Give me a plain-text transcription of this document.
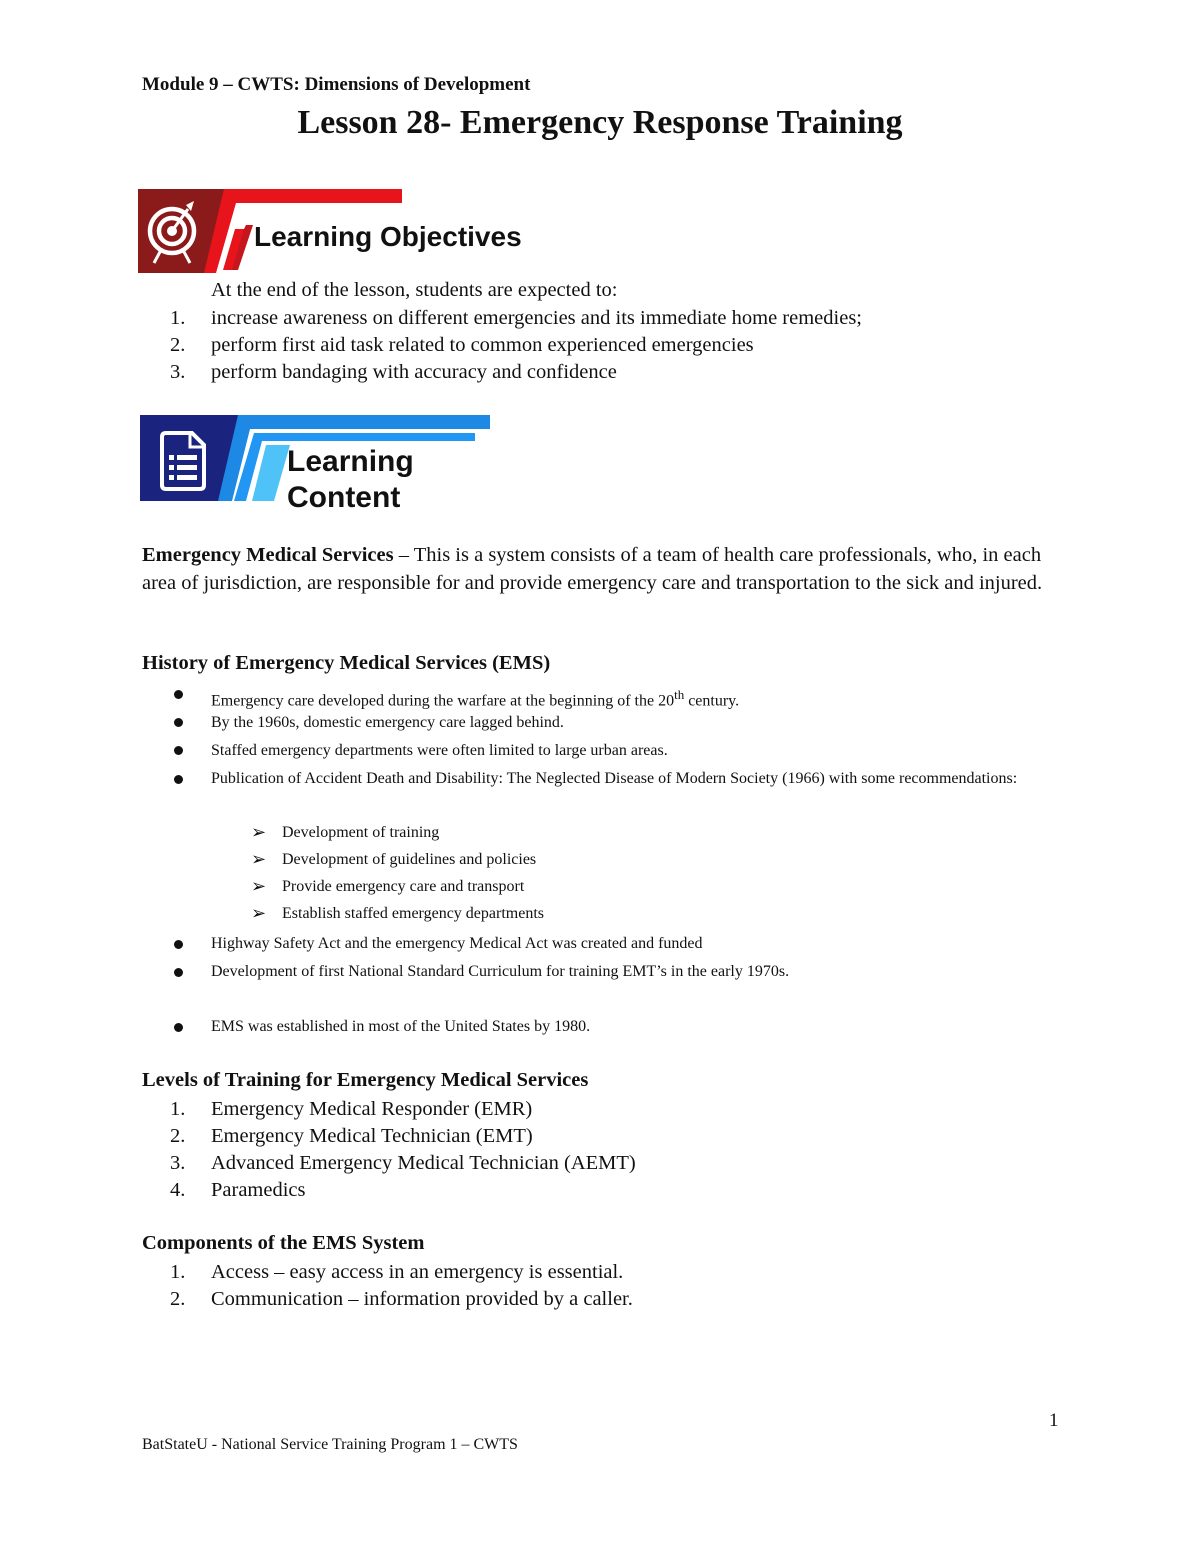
Module 9 – CWTS: Dimensions of Development
Lesson 28- Emergency Response Training
Learning Objectives
At the end of the lesson, students are expected to:
1. increase awareness on different emergencies and its immediate home remedies;
2. perform first aid task related to common experienced emergencies
3. perform bandaging with accuracy and confidence
Learning
Content
Emergency Medical Services – This is a system consists of a team of health care professionals, who, in each area of jurisdiction, are responsible for and provide emergency care and transportation to the sick and injured.
History of Emergency Medical Services (EMS)
Emergency care developed during the warfare at the beginning of the 20th century.
By the 1960s, domestic emergency care lagged behind.
Staffed emergency departments were often limited to large urban areas.
Publication of Accident Death and Disability: The Neglected Disease of Modern Society (1966) with some recommendations:
➢ Development of training
➢ Development of guidelines and policies
➢ Provide emergency care and transport
➢ Establish staffed emergency departments
Highway Safety Act and the emergency Medical Act was created and funded
Development of first National Standard Curriculum for training EMT’s in the early 1970s.
EMS was established in most of the United States by 1980.
Levels of Training for Emergency Medical Services
1. Emergency Medical Responder (EMR)
2. Emergency Medical Technician (EMT)
3. Advanced Emergency Medical Technician (AEMT)
4. Paramedics
Components of the EMS System
1. Access – easy access in an emergency is essential.
2. Communication – information provided by a caller.
1
BatStateU - National Service Training Program 1 – CWTS
